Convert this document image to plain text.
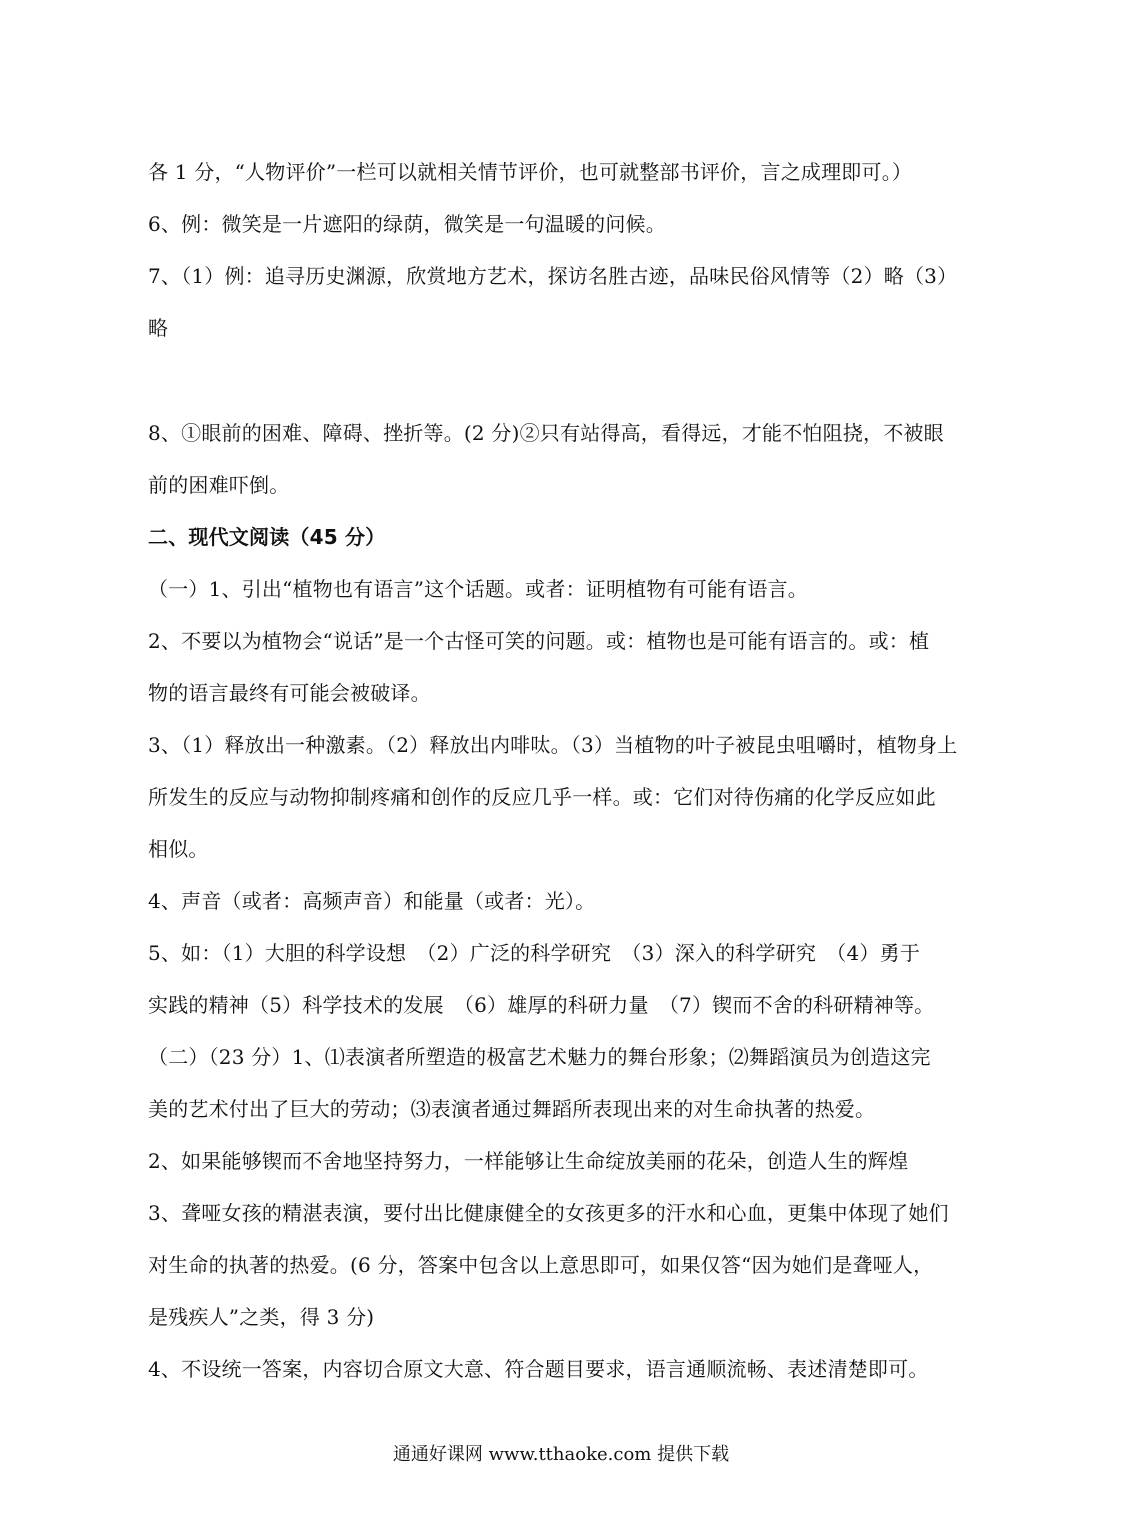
各 1 分，“人物评价”一栏可以就相关情节评价，也可就整部书评价，言之成理即可。）
6、例：微笑是一片遮阳的绿荫，微笑是一句温暖的问候。
7、（1）例：追寻历史渊源，欣赏地方艺术，探访名胜古迹，品味民俗风情等（2）略（3）
略
8、①眼前的困难、障碍、挫折等。(2 分)②只有站得高，看得远，才能不怕阻挠，不被眼
前的困难吓倒。
二、现代文阅读（45 分）
（一）1、引出“植物也有语言”这个话题。或者：证明植物有可能有语言。
2、不要以为植物会“说话”是一个古怪可笑的问题。或：植物也是可能有语言的。或：植
物的语言最终有可能会被破译。
3、（1）释放出一种激素。（2）释放出内啡呔。（3）当植物的叶子被昆虫咀嚼时，植物身上
所发生的反应与动物抑制疼痛和创作的反应几乎一样。或：它们对待伤痛的化学反应如此
相似。
4、声音（或者：高频声音）和能量（或者：光）。
5、如：（1）大胆的科学设想　（2）广泛的科学研究　（3）深入的科学研究　（4）勇于
实践的精神（5）科学技术的发展　（6）雄厚的科研力量　（7）锲而不舍的科研精神等。
（二）（23 分）1、⑴表演者所塑造的极富艺术魅力的舞台形象；⑵舞蹈演员为创造这完
美的艺术付出了巨大的劳动；⑶表演者通过舞蹈所表现出来的对生命执著的热爱。
2、如果能够锲而不舍地坚持努力，一样能够让生命绽放美丽的花朵，创造人生的辉煌
3、聋哑女孩的精湛表演，要付出比健康健全的女孩更多的汗水和心血，更集中体现了她们
对生命的执著的热爱。(6 分，答案中包含以上意思即可，如果仅答“因为她们是聋哑人，
是残疾人”之类，得 3 分)
4、不设统一答案，内容切合原文大意、符合题目要求，语言通顺流畅、表述清楚即可。
通通好课网 www.tthaoke.com 提供下载
